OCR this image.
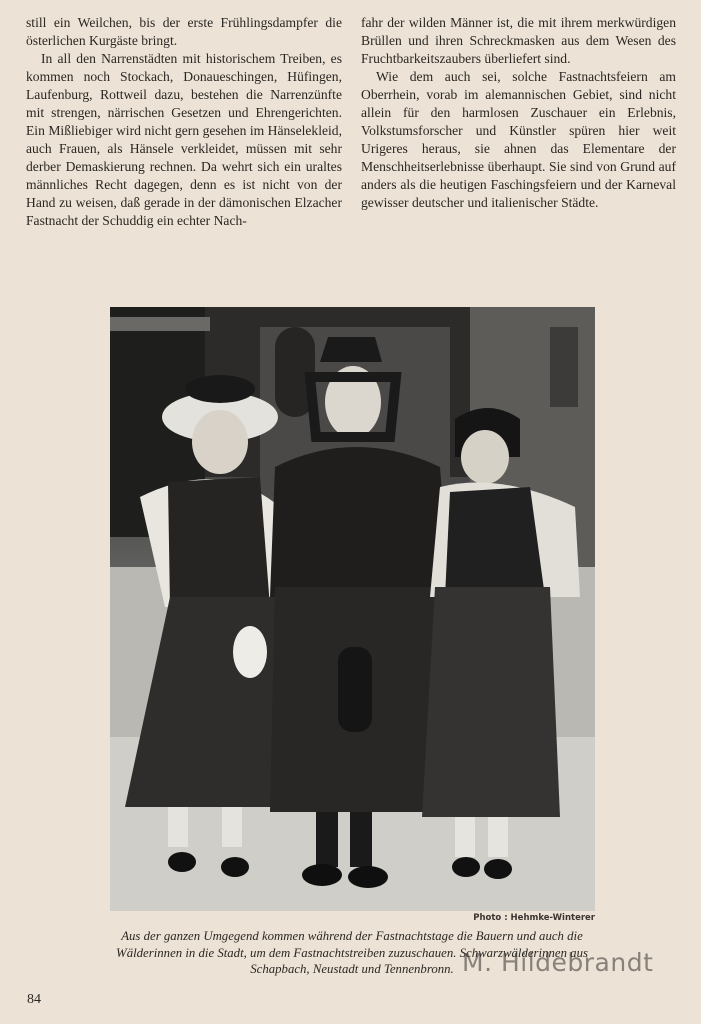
still ein Weilchen, bis der erste Frühlingsdampfer die österlichen Kurgäste bringt.

In all den Narrenstädten mit historischem Treiben, es kommen noch Stockach, Donaueschingen, Hüfingen, Laufenburg, Rottweil dazu, bestehen die Narrenzünfte mit strengen, närrischen Gesetzen und Ehrengerichten. Ein Mißliebiger wird nicht gern gesehen im Hänselekleid, auch Frauen, als Hänsele verkleidet, müssen mit sehr derber Demaskierung rechnen. Da wehrt sich ein uraltes männliches Recht dagegen, denn es ist nicht von der Hand zu weisen, daß gerade in der dämonischen Elzacher Fastnacht der Schuddig ein echter Nach-

fahr der wilden Männer ist, die mit ihrem merkwürdigen Brüllen und ihren Schreckmasken aus dem Wesen des Fruchtbarkeitszaubers überliefert sind.

Wie dem auch sei, solche Fastnachtsfeiern am Oberrhein, vorab im alemannischen Gebiet, sind nicht allein für den harmlosen Zuschauer ein Erlebnis, Volkstumsforscher und Künstler spüren hier weit Urigeres heraus, sie ahnen das Elementare der Menschheitserlebnisse überhaupt. Sie sind von Grund auf anders als die heutigen Faschingsfeiern und der Karneval gewisser deutscher und italienischer Städte.

Photo : Hehmke-Winterer
Aus der ganzen Umgegend kommen während der Fastnachtstage die Bauern und auch die Wälderinnen in die Stadt, um dem Fastnachtstreiben zuzuschauen. Schwarzwälderinnen aus Schapbach, Neustadt und Tennenbronn. M. Hildebrandt
84
